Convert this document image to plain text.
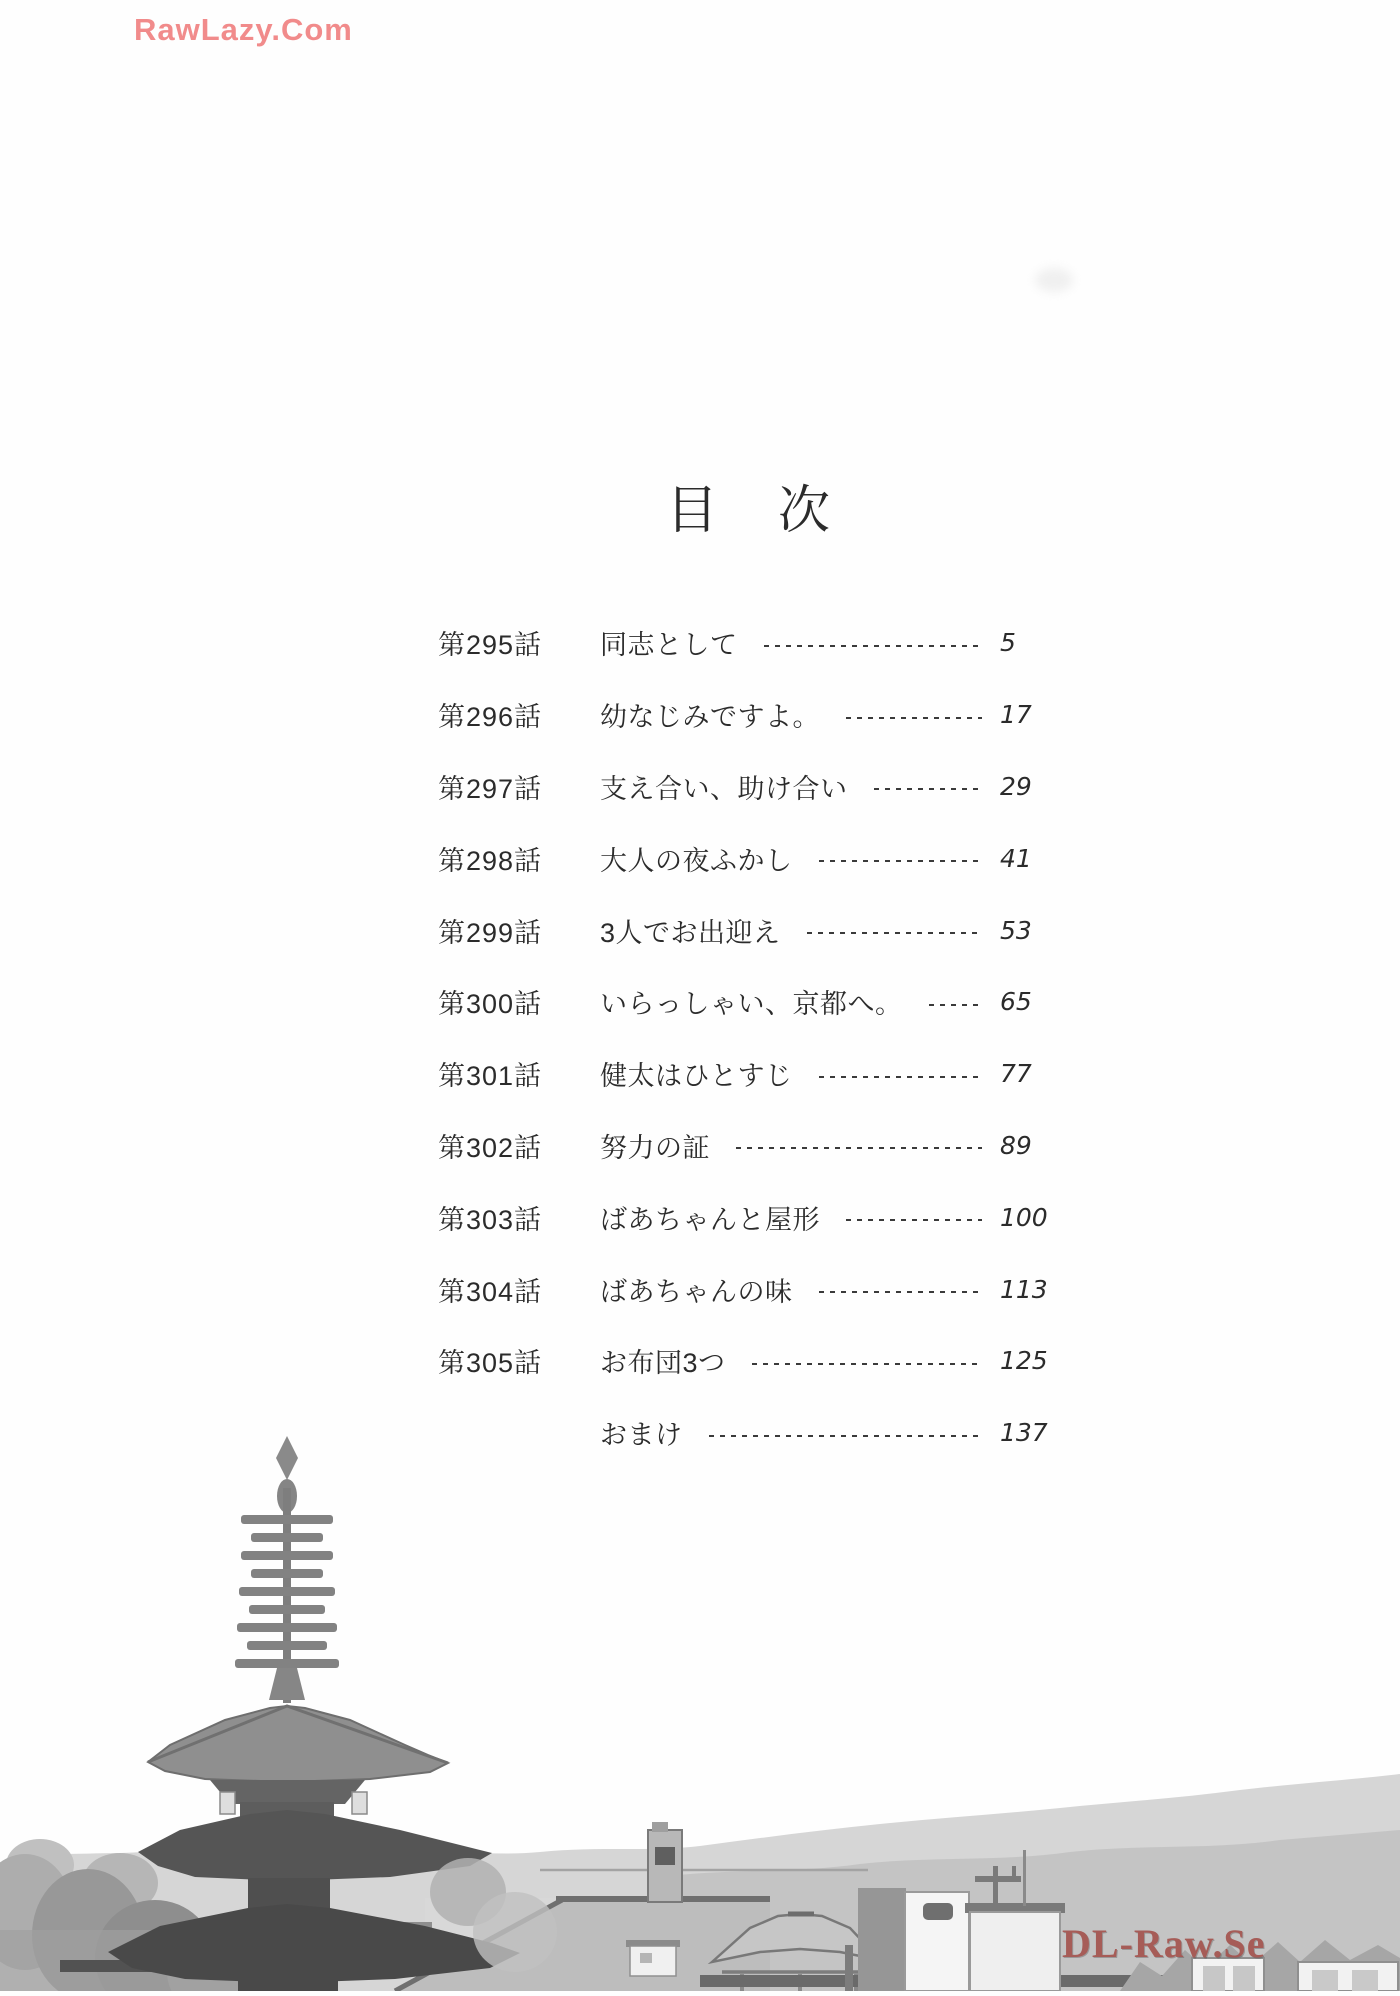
RawLazy.Com
目　次
第295話	同志として	5
第296話	幼なじみですよ。	17
第297話	支え合い、助け合い	29
第298話	大人の夜ふかし	41
第299話	3人でお出迎え	53
第300話	いらっしゃい、京都へ。	65
第301話	健太はひとすじ	77
第302話	努力の証	89
第303話	ばあちゃんと屋形	100
第304話	ばあちゃんの味	113
第305話	お布団3つ	125
おまけ	137
DL-Raw.Se
